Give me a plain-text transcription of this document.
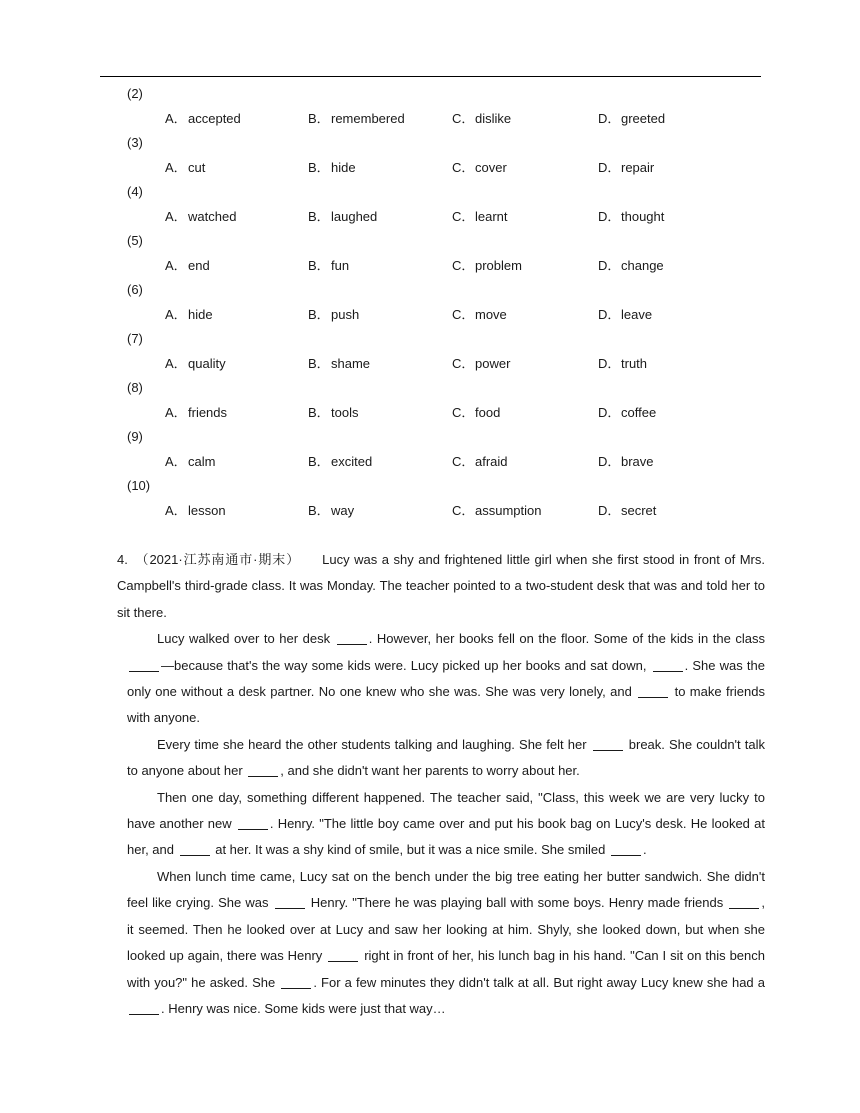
(2)
A．accepted	B．remembered	C．dislike	D．greeted
(3)
A．cut	B．hide	C．cover	D．repair
(4)
A．watched	B．laughed	C．learnt	D．thought
(5)
A．end	B．fun	C．problem	D．change
(6)
A．hide	B．push	C．move	D．leave
(7)
A．quality	B．shame	C．power	D．truth
(8)
A．friends	B．tools	C．food	D．coffee
(9)
A．calm	B．excited	C．afraid	D．brave
(10)
A．lesson	B．way	C．assumption	D．secret

4. （2021·江苏南通市·期末） Lucy was a shy and frightened little girl when she first stood in front of Mrs. Campbell's third-grade class. It was Monday. The teacher pointed to a two-student desk that was and told her to sit there.

Lucy walked over to her desk	. However, her books fell on the floor. Some of the kids in the class —because that's the way some kids were. Lucy picked up her books and sat down,	. She was the only one without a desk partner. No one knew who she was. She was very lonely, and	to make friends with anyone.

Every time she heard the other students talking and laughing. She felt her	break. She couldn't talk to anyone about her	, and she didn't want her parents to worry about her.

Then one day, something different happened. The teacher said, "Class, this week we are very lucky to have another new	. Henry. "The little boy came over and put his book bag on Lucy's desk. He looked at her, and	at her. It was a shy kind of smile, but it was a nice smile. She smiled	.

When lunch time came, Lucy sat on the bench under the big tree eating her butter sandwich. She didn't feel like crying. She was	Henry. "There he was playing ball with some boys. Henry made friends	, it seemed. Then he looked over at Lucy and saw her looking at him. Shyly, she looked down, but when she looked up again, there was Henry	right in front of her, his lunch bag in his hand. "Can I sit on this bench with you?" he asked. She	. For a few minutes they didn't talk at all. But right away Lucy knew she had a . Henry was nice. Some kids were just that way…
